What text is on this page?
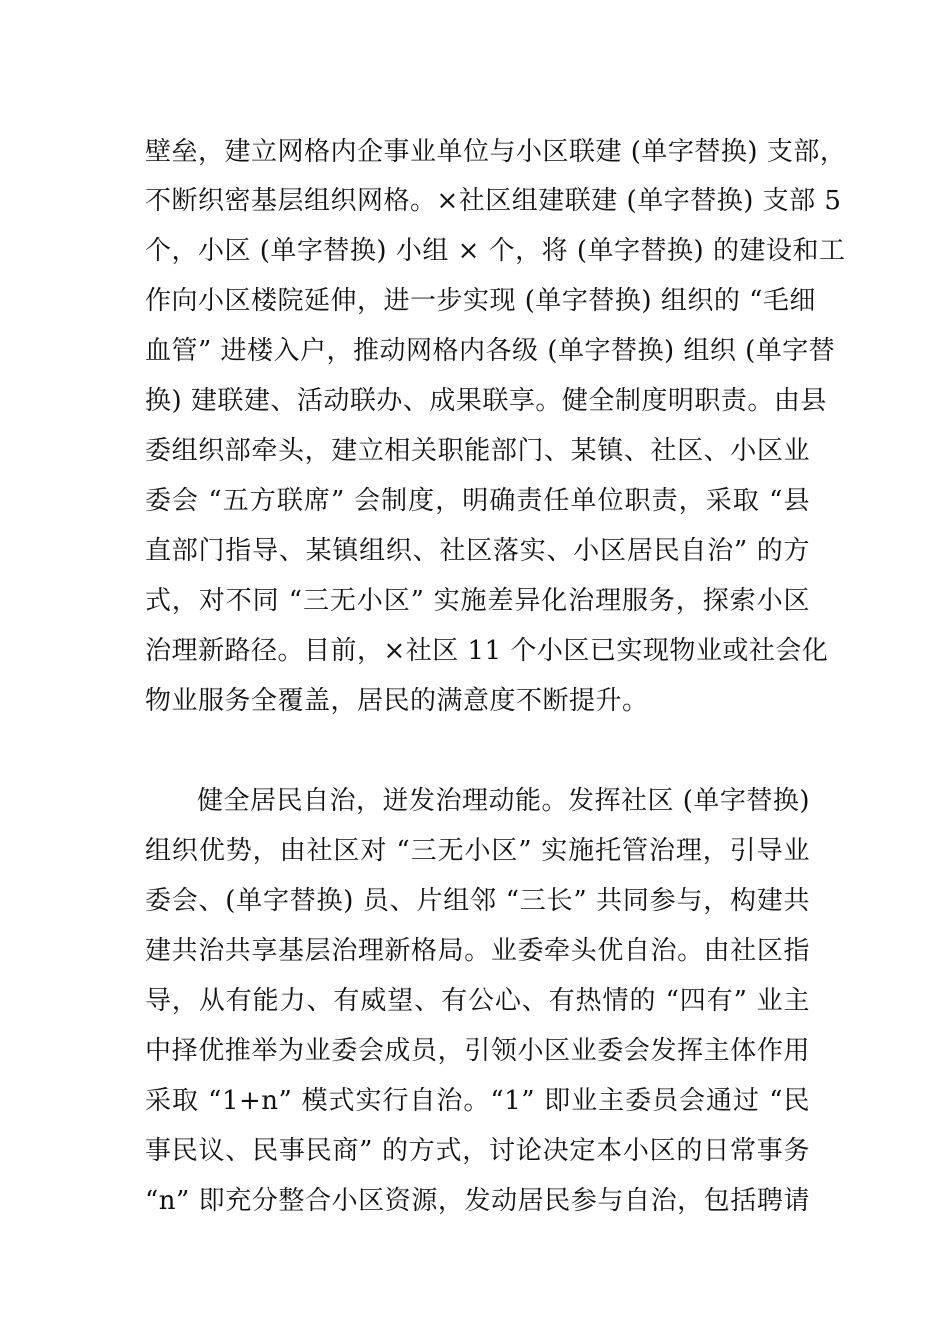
壁垒，建立网格内企事业单位与小区联建 (单字替换) 支部，

不断织密基层组织网格。×社区组建联建 (单字替换) 支部 5

个，小区 (单字替换) 小组 × 个，将 (单字替换) 的建设和工

作向小区楼院延伸，进一步实现 (单字替换) 组织的 “毛细

血管” 进楼入户，推动网格内各级 (单字替换) 组织 (单字替

换) 建联建、活动联办、成果联享。健全制度明职责。由县

委组织部牵头，建立相关职能部门、某镇、社区、小区业

委会 “五方联席” 会制度，明确责任单位职责，采取 “县

直部门指导、某镇组织、社区落实、小区居民自治” 的方

式，对不同 “三无小区” 实施差异化治理服务，探索小区

治理新路径。目前，×社区 11 个小区已实现物业或社会化

物业服务全覆盖，居民的满意度不断提升。

健全居民自治，迸发治理动能。发挥社区 (单字替换)

组织优势，由社区对 “三无小区” 实施托管治理，引导业

委会、(单字替换) 员、片组邻 “三长” 共同参与，构建共

建共治共享基层治理新格局。业委牵头优自治。由社区指

导，从有能力、有威望、有公心、有热情的 “四有” 业主

中择优推举为业委会成员，引领小区业委会发挥主体作用

采取 “1+n” 模式实行自治。“1” 即业主委员会通过 “民

事民议、民事民商” 的方式，讨论决定本小区的日常事务

“n” 即充分整合小区资源，发动居民参与自治，包括聘请
